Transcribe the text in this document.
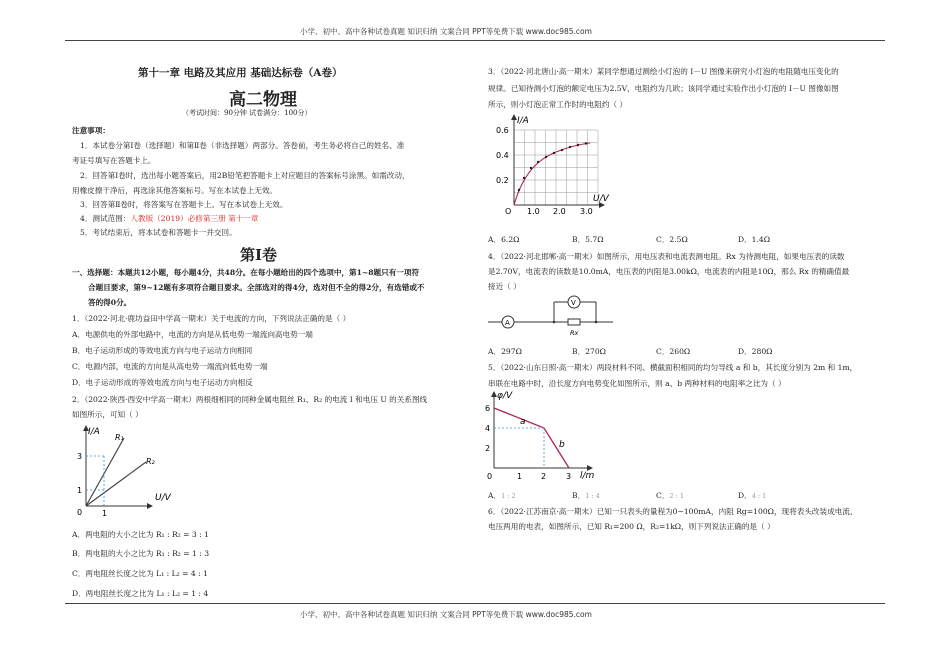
小学、初中、高中各种试卷真题 知识归纳 文案合同 PPT等免费下载 www.doc985.com
第十一章 电路及其应用 基础达标卷（A卷）
高二物理
（考试时间：90分钟 试卷满分：100分）
注意事项：
1．本试卷分第Ⅰ卷（选择题）和第Ⅱ卷（非选择题）两部分。答卷前，考生务必将自己的姓名、准
考证号填写在答题卡上。
2．回答第Ⅰ卷时，选出每小题答案后，用2B铅笔把答题卡上对应题目的答案标号涂黑。如需改动，
用橡皮擦干净后，再选涂其他答案标号。写在本试卷上无效。
3．回答第Ⅱ卷时，将答案写在答题卡上。写在本试卷上无效。
4．测试范围：人教版（2019）必修第三册 第十一章
5．考试结束后，将本试卷和答题卡一并交回。
第Ⅰ卷
一、选择题：本题共12小题，每小题4分，共48分。在每小题给出的四个选项中，第1~8题只有一项符
合题目要求，第9~12题有多项符合题目要求。全部选对的得4分，选对但不全的得2分，有选错或不
答的得0分。
1．（2022·河北·鹿坊益田中学高一期末）关于电流的方向，下列说法正确的是（ ）
A．电源供电的外部电路中，电流的方向是从低电势一端流向高电势一端
B．电子运动形成的等效电流方向与电子运动方向相同
C．电源内部，电流的方向是从高电势一端流向低电势一端
D．电子运动形成的等效电流方向与电子运动方向相反
2．（2022·陕西·西安中学高一期末）两根细相同的同种金属电阻丝 R₁、R₂ 的电流 I 和电压 U 的关系图线
如图所示，可知（ ）
I/A
U/V
R₁
R₂
3
1
0 1
A．两电阻的大小之比为 R₁ : R₂ = 3 : 1
B．两电阻的大小之比为 R₁ : R₂ = 1 : 3
C．两电阻丝长度之比为 L₁ : L₂ = 4 : 1
D．两电阻丝长度之比为 L₁ : L₂ = 1 : 4
3．（2022·河北唐山·高一期末）某同学想通过测绘小灯泡的 I－U 图像来研究小灯泡的电阻随电压变化的
规律。已知待测小灯泡的额定电压为2.5V，电阻约为几欧；该同学通过实验作出小灯泡的 I－U 图像如图
所示，则小灯泡正常工作时的电阻约（ ）
I/A
U/V
0.6
0.4
0.2
O 1.0 2.0 3.0
A．6.2Ω	B．5.7Ω	C．2.5Ω	D．1.4Ω
4．（2022·河北邯郸·高一期末）如图所示，用电压表和电流表测电阻。Rx 为待测电阻，如果电压表的读数
是2.70V，电流表的读数是10.0mA，电压表的内阻是3.00kΩ，电流表的内阻是10Ω，那么 Rx 的精确值最
接近（ ）
A
V
Rx
A．297Ω	B．270Ω	C．260Ω	D．280Ω
5．（2022·山东日照·高一期末）两段材料不同、横截面积相同的均匀导线 a 和 b，其长度分别为 2m 和 1m，
串联在电路中时，沿长度方向电势变化如图所示，则 a、b 两种材料的电阻率之比为（ ）
φ/V
l/m
6
4
2
0	1 2 3
a
b
A．1 : 2	B．1 : 4	C．2 : 1	D．4 : 1
6．（2022·江苏南京·高一期末）已知一只表头的量程为0~100mA，内阻 Rg=100Ω，现将表头改装成电流、
电压两用的电表，如图所示，已知 R₁=200 Ω，R₂=1kΩ，则下列说法正确的是（ ）
小学、初中、高中各种试卷真题 知识归纳 文案合同 PPT等免费下载 www.doc985.com
